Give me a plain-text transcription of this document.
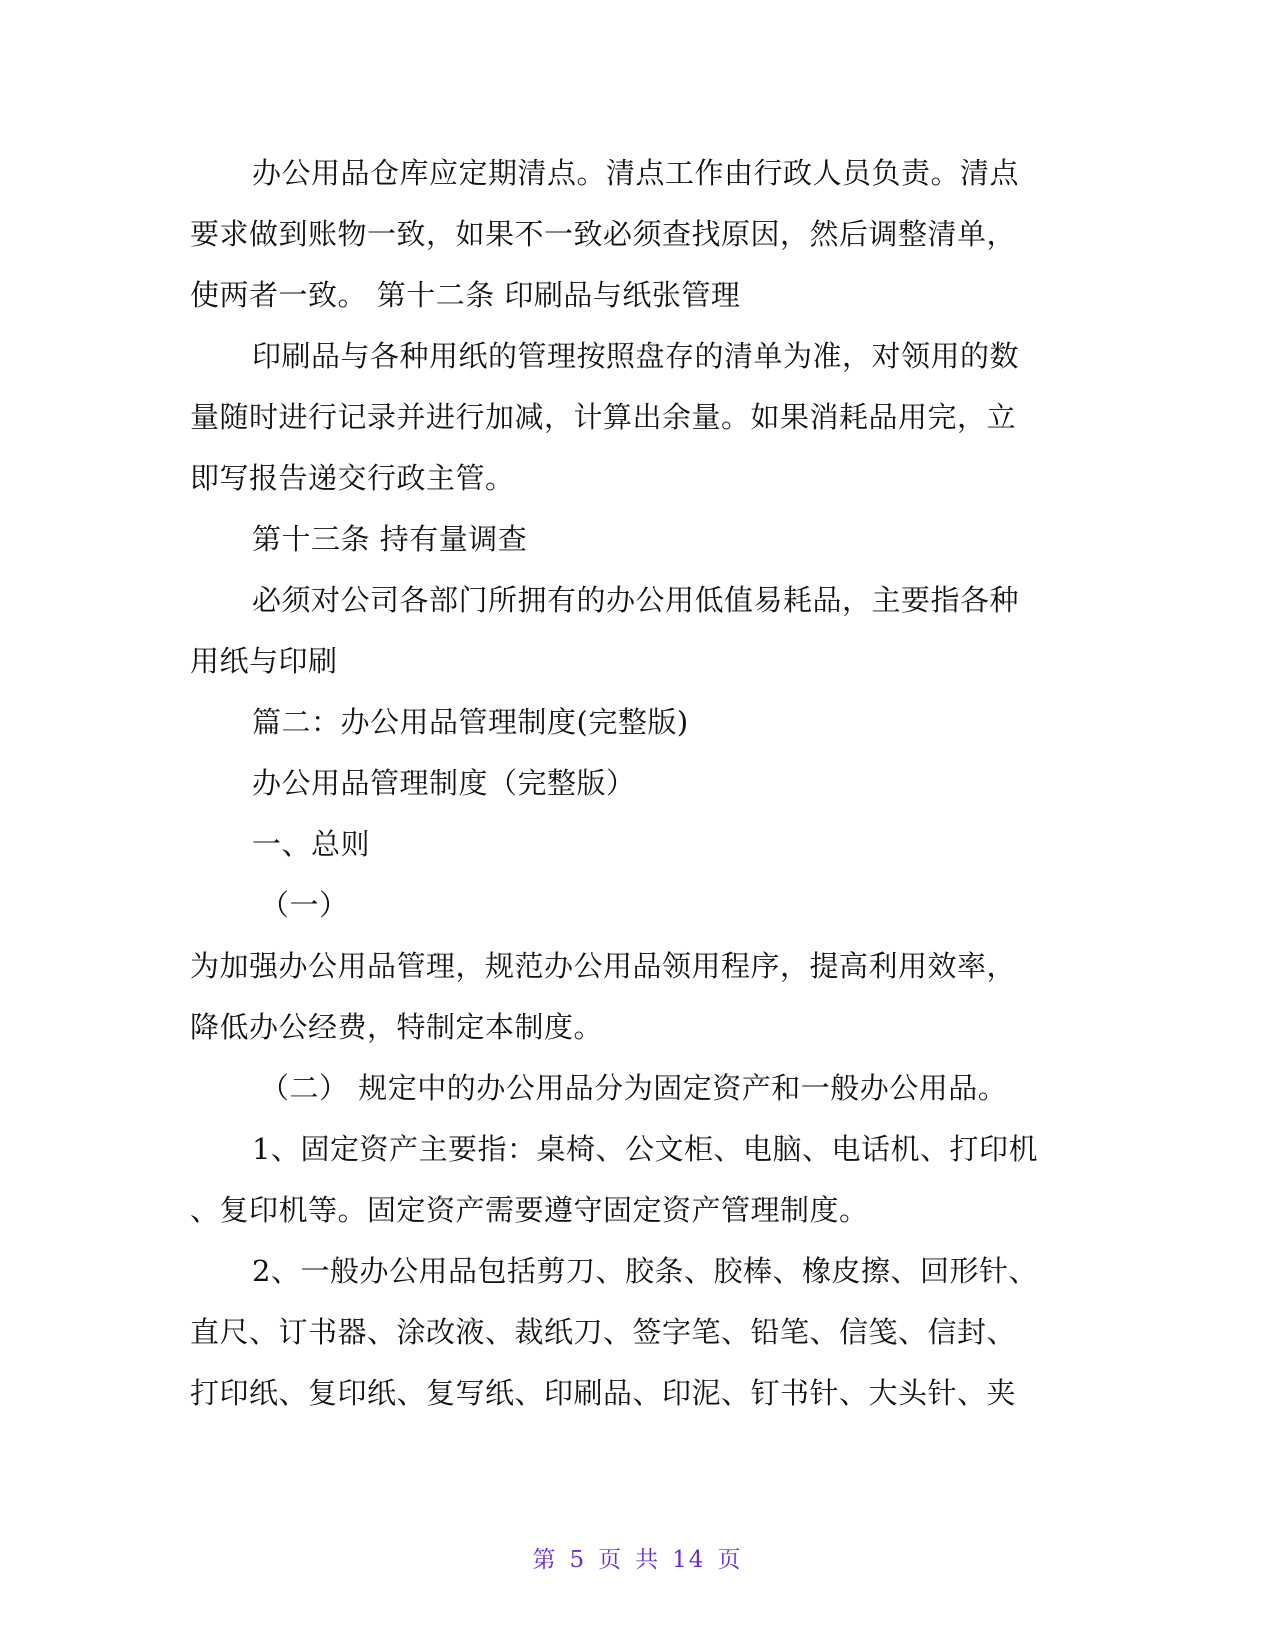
办公用品仓库应定期清点。清点工作由行政人员负责。清点
要求做到账物一致，如果不一致必须查找原因，然后调整清单，
使两者一致。 第十二条 印刷品与纸张管理
印刷品与各种用纸的管理按照盘存的清单为准，对领用的数
量随时进行记录并进行加减，计算出余量。如果消耗品用完，立
即写报告递交行政主管。
第十三条 持有量调查
必须对公司各部门所拥有的办公用低值易耗品，主要指各种
用纸与印刷
篇二：办公用品管理制度(完整版)
办公用品管理制度（完整版）
一、总则
（一）
为加强办公用品管理，规范办公用品领用程序，提高利用效率，
降低办公经费，特制定本制度。
（二） 规定中的办公用品分为固定资产和一般办公用品。
1、固定资产主要指：桌椅、公文柜、电脑、电话机、打印机
、复印机等。固定资产需要遵守固定资产管理制度。
2、一般办公用品包括剪刀、胶条、胶棒、橡皮擦、回形针、
直尺、订书器、涂改液、裁纸刀、签字笔、铅笔、信笺、信封、
打印纸、复印纸、复写纸、印刷品、印泥、钉书针、大头针、夹
第 5 页 共 14 页
